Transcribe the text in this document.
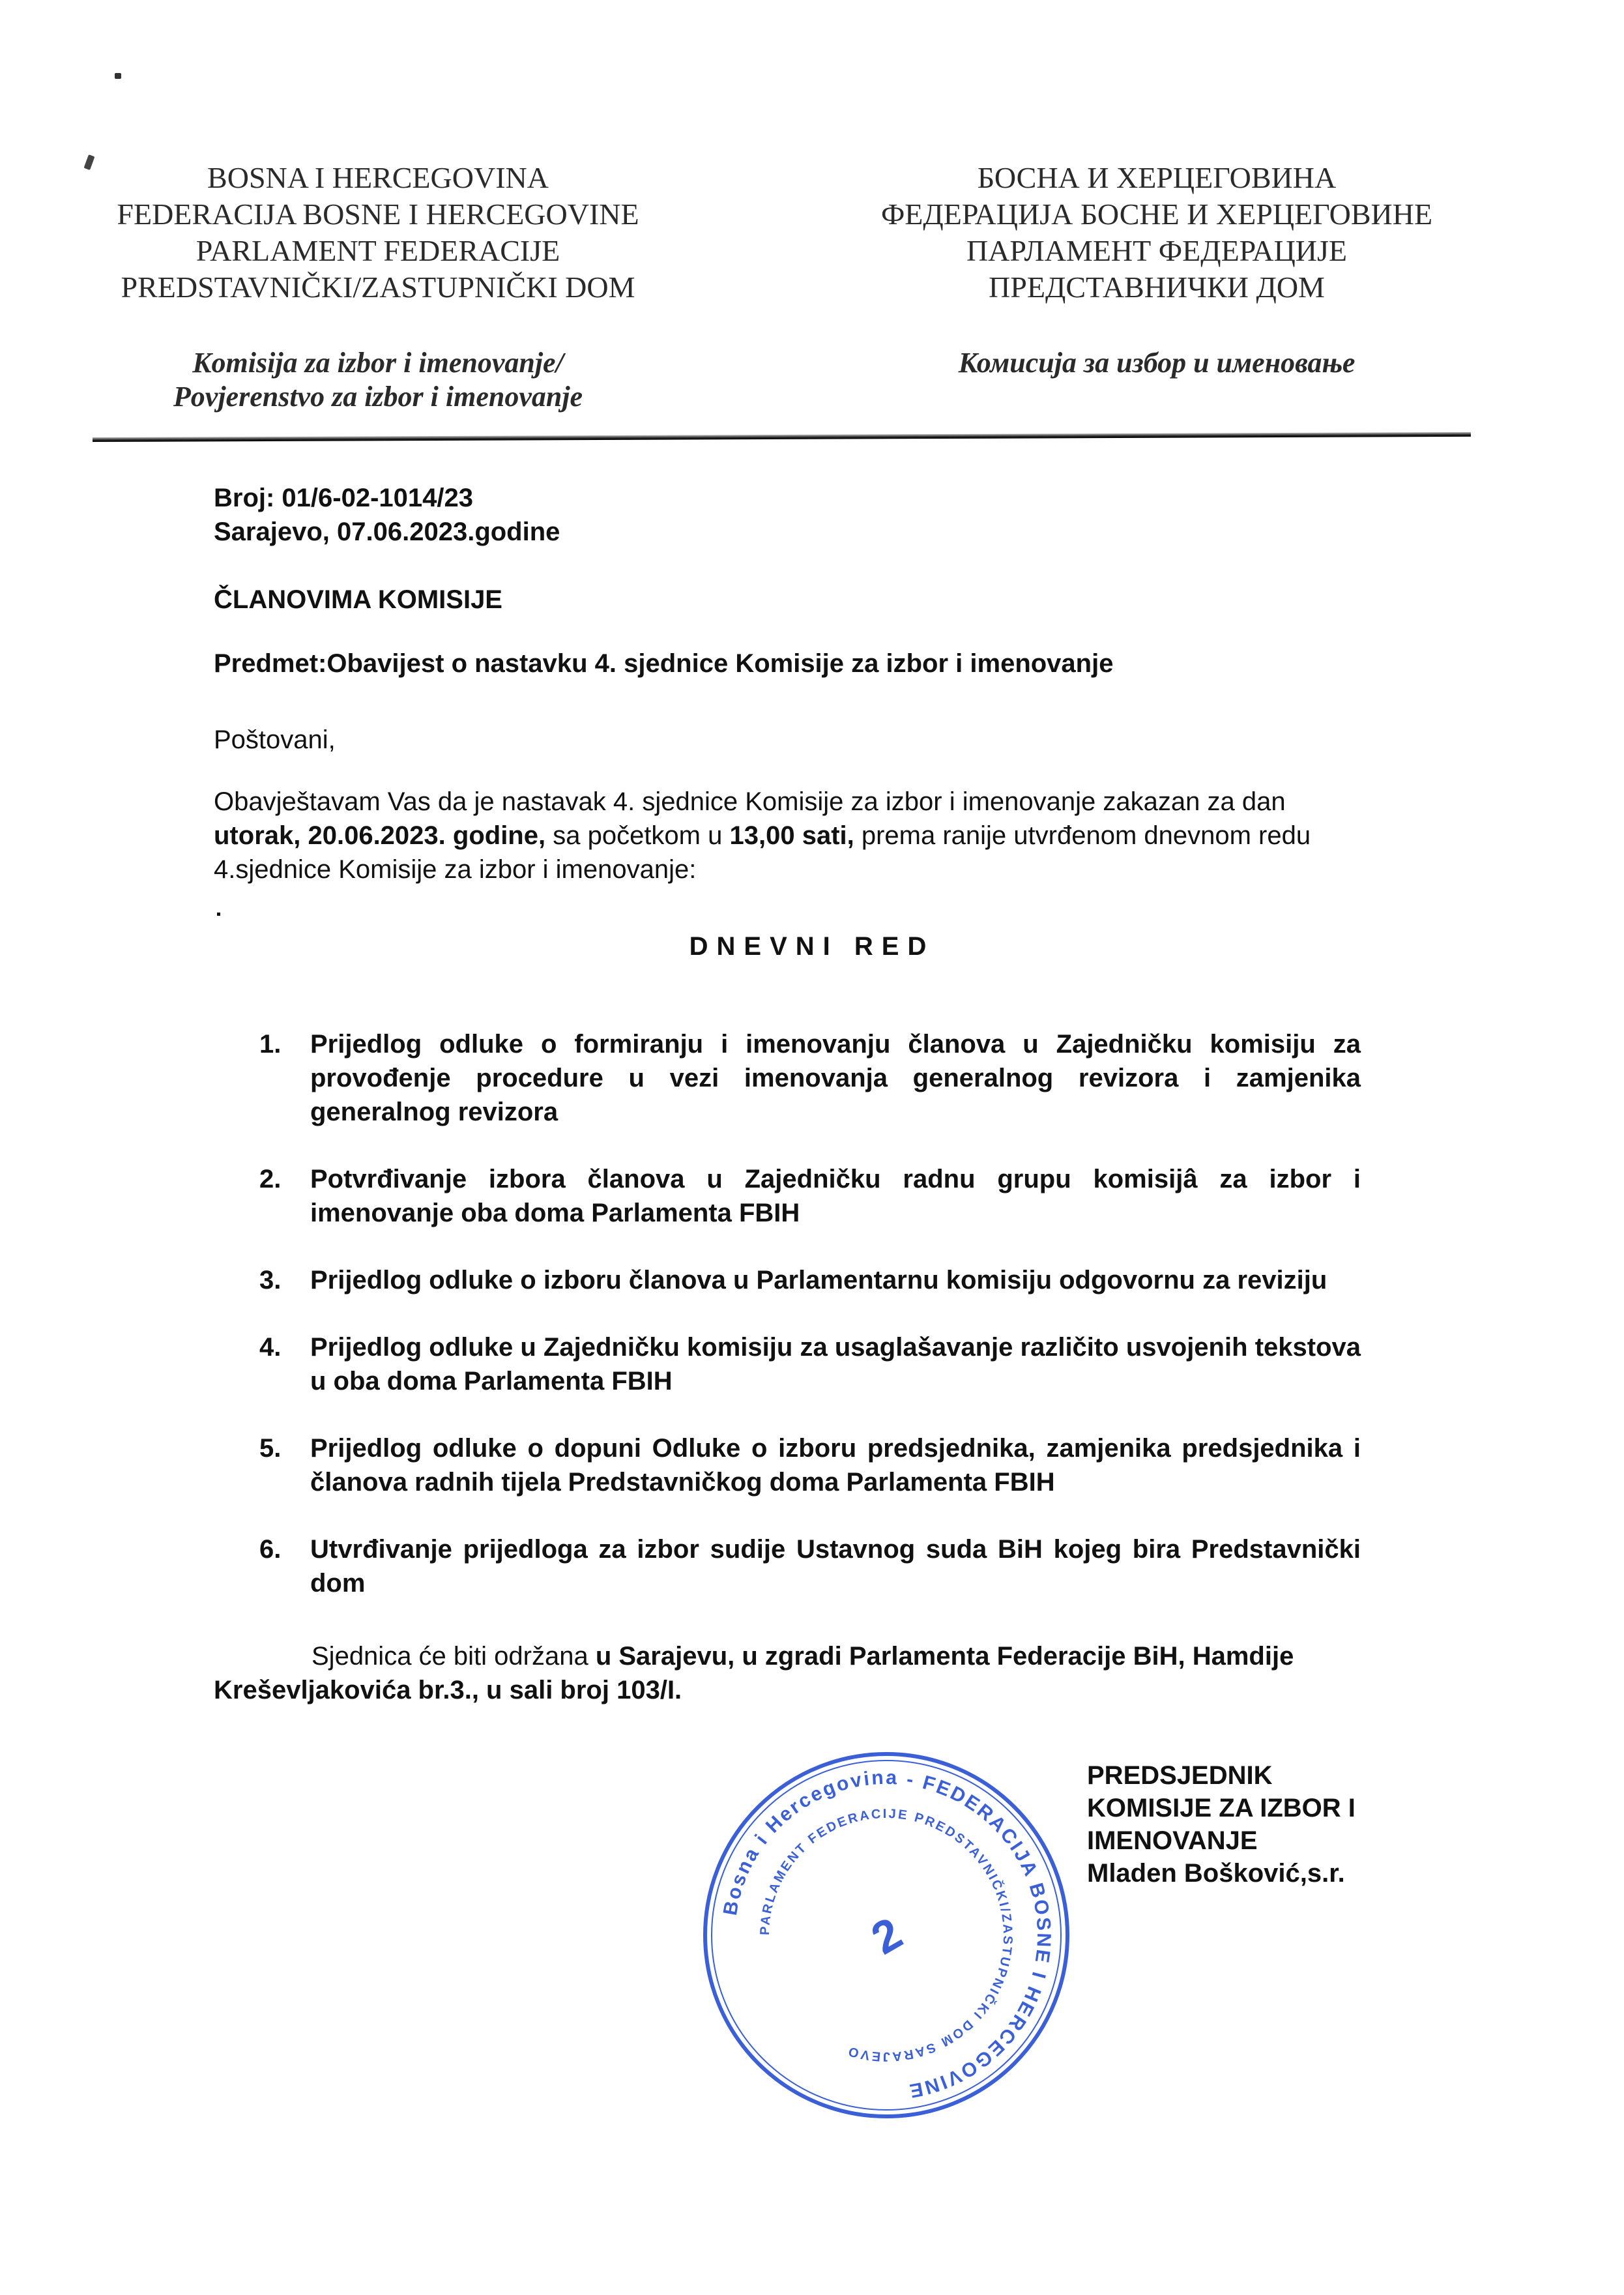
BOSNA I HERCEGOVINA
FEDERACIJA BOSNE I HERCEGOVINE
PARLAMENT FEDERACIJE
PREDSTAVNIČKI/ZASTUPNIČKI DOM
Komisija za izbor i imenovanje/
Povjerenstvo za izbor i imenovanje
БОСНА И ХЕРЦЕГОВИНА
ФЕДЕРАЦИЈА БОСНЕ И ХЕРЦЕГОВИНЕ
ПАРЛАМЕНТ ФЕДЕРАЦИЈЕ
ПРЕДСТАВНИЧКИ ДОМ
Комисија за избор и именовање
Broj: 01/6-02-1014/23
Sarajevo, 07.06.2023.godine
ČLANOVIMA KOMISIJE
Predmet:Obavijest o nastavku 4. sjednice Komisije za izbor i imenovanje
Poštovani,
Obavještavam Vas da je nastavak 4. sjednice Komisije za izbor i imenovanje zakazan za dan utorak, 20.06.2023. godine, sa početkom u 13,00 sati, prema ranije utvrđenom dnevnom redu 4.sjednice Komisije za izbor i imenovanje:
DNEVNI RED
1. Prijedlog odluke o formiranju i imenovanju članova u Zajedničku komisiju za provođenje procedure u vezi imenovanja generalnog revizora i zamjenika generalnog revizora
2. Potvrđivanje izbora članova u Zajedničku radnu grupu komisijâ za izbor i imenovanje oba doma Parlamenta FBIH
3. Prijedlog odluke o izboru članova u Parlamentarnu komisiju odgovornu za reviziju
4. Prijedlog odluke u Zajedničku komisiju za usaglašavanje različito usvojenih tekstova u oba doma Parlamenta FBIH
5. Prijedlog odluke o dopuni Odluke o izboru predsjednika, zamjenika predsjednika i članova radnih tijela Predstavničkog doma Parlamenta FBIH
6. Utvrđivanje prijedloga za izbor sudije Ustavnog suda BiH kojeg bira Predstavnički dom
Sjednica će biti održana u Sarajevu, u zgradi Parlamenta Federacije BiH, Hamdije Kreševljakovića br.3., u sali broj 103/I.
Bosna i Hercegovina - FEDERACIJA BOSNE I HERCEGOVINE
PARLAMENT FEDERACIJE PREDSTAVNIČKI/ZASTUPNIČKI DOM SARAJEVO
2
PREDSJEDNIK
KOMISIJE ZA IZBOR I
IMENOVANJE
Mladen Bošković,s.r.
